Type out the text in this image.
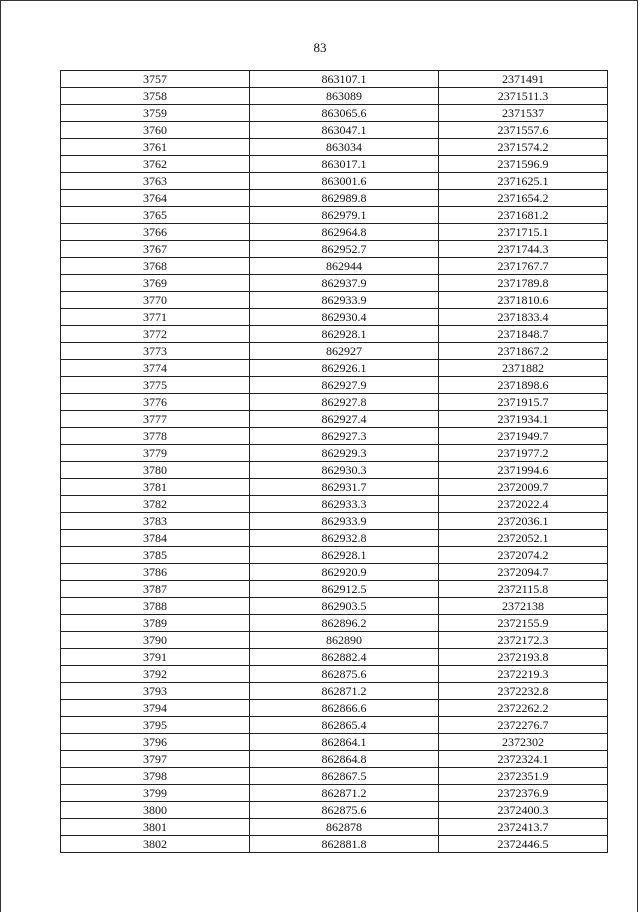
83
3757	863107.1	2371491
3758	863089	2371511.3
3759	863065.6	2371537
3760	863047.1	2371557.6
3761	863034	2371574.2
3762	863017.1	2371596.9
3763	863001.6	2371625.1
3764	862989.8	2371654.2
3765	862979.1	2371681.2
3766	862964.8	2371715.1
3767	862952.7	2371744.3
3768	862944	2371767.7
3769	862937.9	2371789.8
3770	862933.9	2371810.6
3771	862930.4	2371833.4
3772	862928.1	2371848.7
3773	862927	2371867.2
3774	862926.1	2371882
3775	862927.9	2371898.6
3776	862927.8	2371915.7
3777	862927.4	2371934.1
3778	862927.3	2371949.7
3779	862929.3	2371977.2
3780	862930.3	2371994.6
3781	862931.7	2372009.7
3782	862933.3	2372022.4
3783	862933.9	2372036.1
3784	862932.8	2372052.1
3785	862928.1	2372074.2
3786	862920.9	2372094.7
3787	862912.5	2372115.8
3788	862903.5	2372138
3789	862896.2	2372155.9
3790	862890	2372172.3
3791	862882.4	2372193.8
3792	862875.6	2372219.3
3793	862871.2	2372232.8
3794	862866.6	2372262.2
3795	862865.4	2372276.7
3796	862864.1	2372302
3797	862864.8	2372324.1
3798	862867.5	2372351.9
3799	862871.2	2372376.9
3800	862875.6	2372400.3
3801	862878	2372413.7
3802	862881.8	2372446.5
